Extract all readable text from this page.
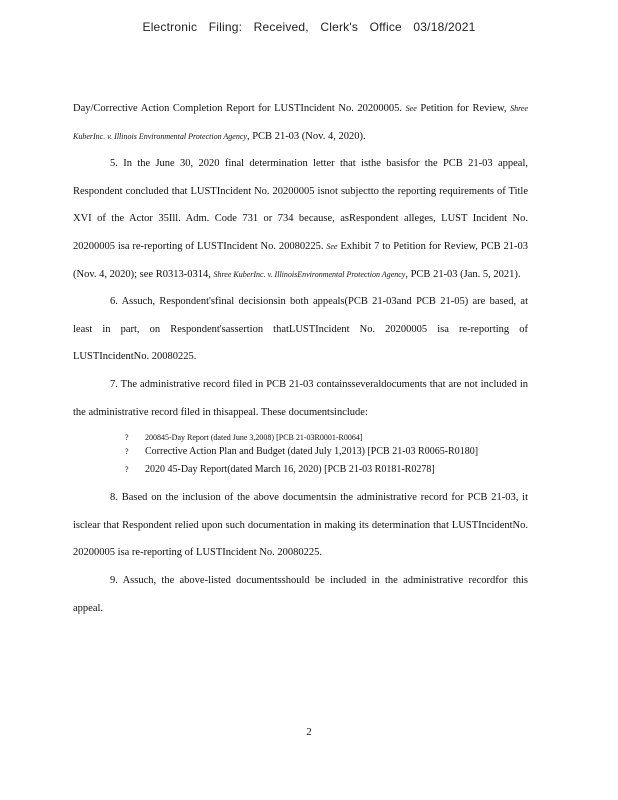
Electronic Filing: Received, Clerk's Office 03/18/2021

Day/Corrective Action Completion Report for LUSTIncident No. 20200005. See Petition for Review, Shree KuberInc. v. Illinois Environmental Protection Agency, PCB 21-03 (Nov. 4, 2020).

5. In the June 30, 2020 final determination letter that isthe basisfor the PCB 21-03 appeal, Respondent concluded that LUSTIncident No. 20200005 isnot subjectto the reporting requirements of Title XVI of the Actor 35Ill. Adm. Code 731 or 734 because, asRespondent alleges, LUST Incident No. 20200005 isa re-reporting of LUSTIncident No. 20080225. See Exhibit 7 to Petition for Review, PCB 21-03 (Nov. 4, 2020); see R0313-0314, Shree KuberInc. v. IllinoisEnvironmental Protection Agency, PCB 21-03 (Jan. 5, 2021).

6. Assuch, Respondent'sfinal decisionsin both appeals(PCB 21-03and PCB 21-05) are based, at least in part, on Respondent'sassertion thatLUSTIncident No. 20200005 isa re-reporting of LUSTIncidentNo. 20080225.

7. The administrative record filed in PCB 21-03 containsseveraldocuments that are not included in the administrative record filed in thisappeal. These documentsinclude:

? 200845-Day Report (dated June 3,2008) [PCB 21-03R0001-R0064]
? Corrective Action Plan and Budget (dated July 1,2013) [PCB 21-03 R0065-R0180]
? 2020 45-Day Report(dated March 16, 2020) [PCB 21-03 R0181-R0278]

8. Based on the inclusion of the above documentsin the administrative record for PCB 21-03, it isclear that Respondent relied upon such documentation in making its determination that LUSTIncidentNo. 20200005 isa re-reporting of LUSTIncident No. 20080225.

9. Assuch, the above-listed documentsshould be included in the administrative recordfor this appeal.

2
